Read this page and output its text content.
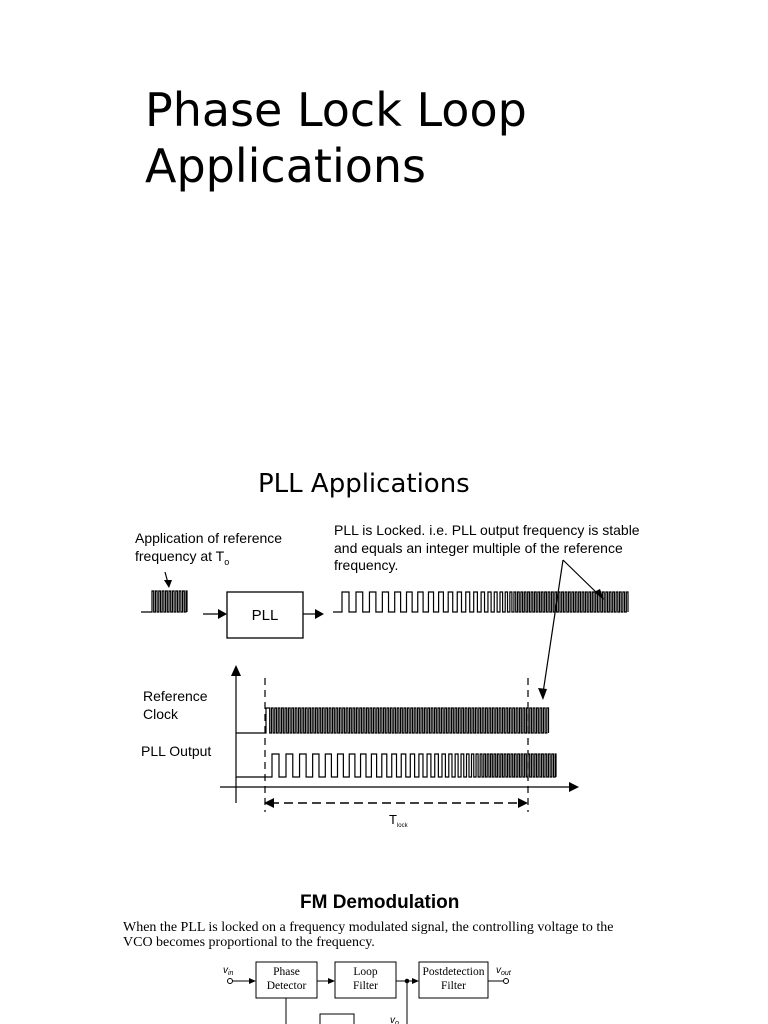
Phase Lock Loop
Applications
PLL Applications
Application of reference
frequency at $T_o$
PLL is Locked. i.e. PLL output frequency is stable
and equals an integer multiple of the reference
frequency.
Reference
Clock
PLL Output
$T_{lock}$
PLL
$v_{in}$	$v_{out}$
$v_o$
FM Demodulation
When the PLL is locked on a frequency modulated signal, the controlling voltage to the
VCO becomes proportional to the frequency.
Phase
Detector
Loop
Filter
Postdetection
Filter
